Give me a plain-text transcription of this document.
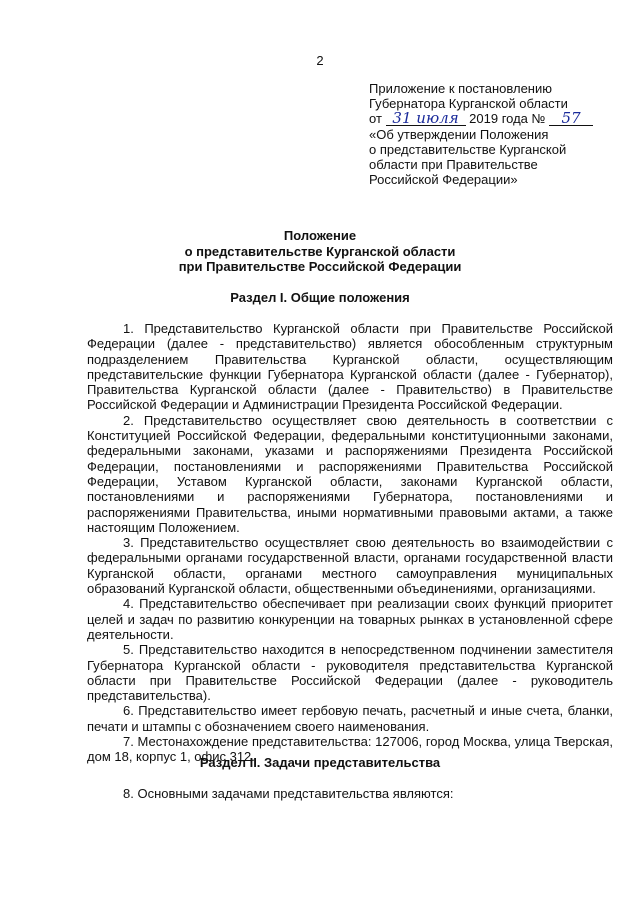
2
Приложение к постановлению
Губернатора Курганской области
от 31 июля 2019 года № 57
«Об утверждении Положения
о представительстве Курганской
области при Правительстве
Российской Федерации»
Положение
о представительстве Курганской области
при Правительстве Российской Федерации
Раздел I. Общие положения

1. Представительство Курганской области при Правительстве Российской Федерации (далее - представительство) является обособленным структурным подразделением Правительства Курганской области, осуществляющим представительские функции Губернатора Курганской области (далее - Губернатор), Правительства Курганской области (далее - Правительство) в Правительстве Российской Федерации и Администрации Президента Российской Федерации.

2. Представительство осуществляет свою деятельность в соответствии с Конституцией Российской Федерации, федеральными конституционными законами, федеральными законами, указами и распоряжениями Президента Российской Федерации, постановлениями и распоряжениями Правительства Российской Федерации, Уставом Курганской области, законами Курганской области, постановлениями и распоряжениями Губернатора, постановлениями и распоряжениями Правительства, иными нормативными правовыми актами, а также настоящим Положением.

3. Представительство осуществляет свою деятельность во взаимодействии с федеральными органами государственной власти, органами государственной власти Курганской области, органами местного самоуправления муниципальных образований Курганской области, общественными объединениями, организациями.

4. Представительство обеспечивает при реализации своих функций приоритет целей и задач по развитию конкуренции на товарных рынках в установленной сфере деятельности.

5. Представительство находится в непосредственном подчинении заместителя Губернатора Курганской области - руководителя представительства Курганской области при Правительстве Российской Федерации (далее - руководитель представительства).

6. Представительство имеет гербовую печать, расчетный и иные счета, бланки, печати и штампы с обозначением своего наименования.

7. Местонахождение представительства: 127006, город Москва, улица Тверская, дом 18, корпус 1, офис 312.

Раздел II. Задачи представительства

8. Основными задачами представительства являются:
